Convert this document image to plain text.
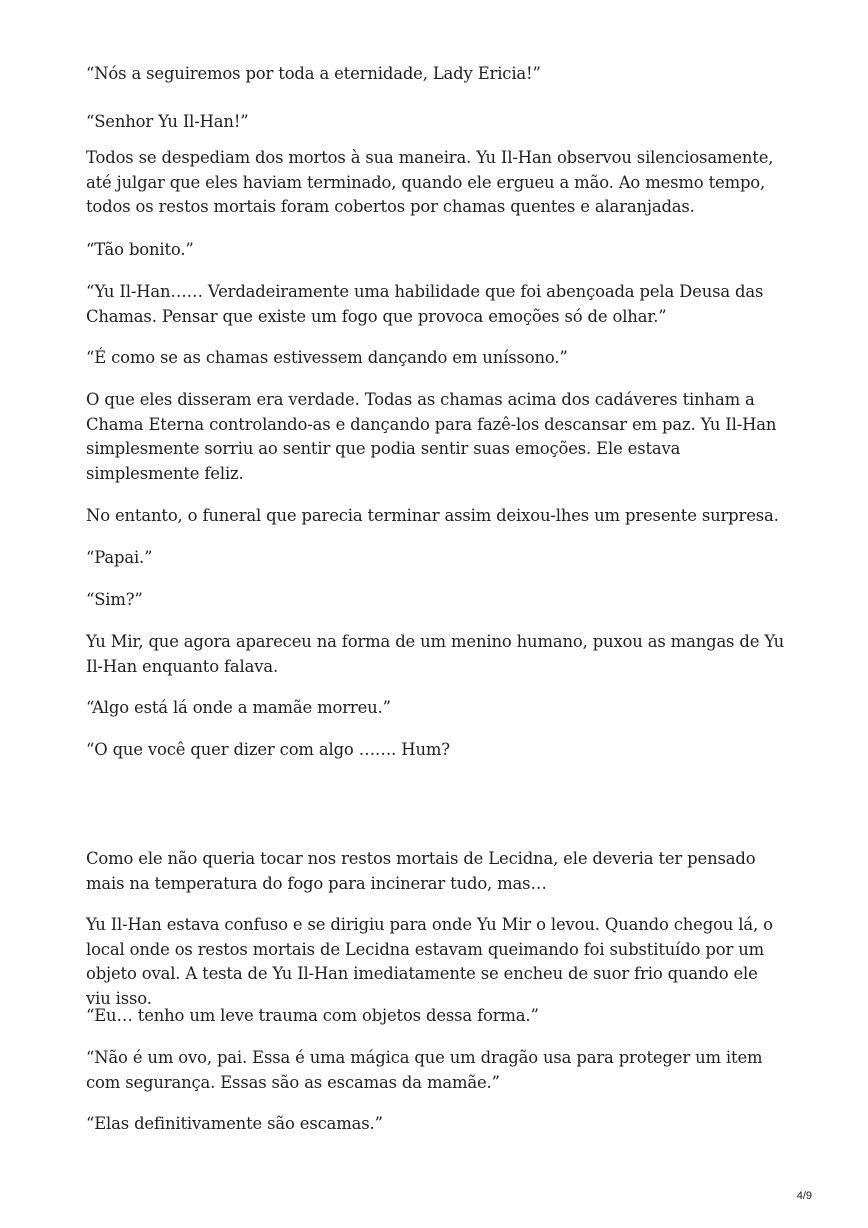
“Nós a seguiremos por toda a eternidade, Lady Ericia!”

“Senhor Yu Il-Han!”

Todos se despediam dos mortos à sua maneira. Yu Il-Han observou silenciosamente, até julgar que eles haviam terminado, quando ele ergueu a mão. Ao mesmo tempo, todos os restos mortais foram cobertos por chamas quentes e alaranjadas.

“Tão bonito.”

“Yu Il-Han…… Verdadeiramente uma habilidade que foi abençoada pela Deusa das Chamas. Pensar que existe um fogo que provoca emoções só de olhar.”

“É como se as chamas estivessem dançando em uníssono.”

O que eles disseram era verdade. Todas as chamas acima dos cadáveres tinham a Chama Eterna controlando-as e dançando para fazê-los descansar em paz. Yu Il-Han simplesmente sorriu ao sentir que podia sentir suas emoções. Ele estava simplesmente feliz.

No entanto, o funeral que parecia terminar assim deixou-lhes um presente surpresa.

“Papai.”

“Sim?”

Yu Mir, que agora apareceu na forma de um menino humano, puxou as mangas de Yu Il-Han enquanto falava.

“Algo está lá onde a mamãe morreu.”

“O que você quer dizer com algo ……. Hum?

Como ele não queria tocar nos restos mortais de Lecidna, ele deveria ter pensado mais na temperatura do fogo para incinerar tudo, mas…

Yu Il-Han estava confuso e se dirigiu para onde Yu Mir o levou. Quando chegou lá, o local onde os restos mortais de Lecidna estavam queimando foi substituído por um objeto oval. A testa de Yu Il-Han imediatamente se encheu de suor frio quando ele viu isso.

“Eu… tenho um leve trauma com objetos dessa forma.”

“Não é um ovo, pai. Essa é uma mágica que um dragão usa para proteger um item com segurança. Essas são as escamas da mamãe.”

“Elas definitivamente são escamas.”

4/9
